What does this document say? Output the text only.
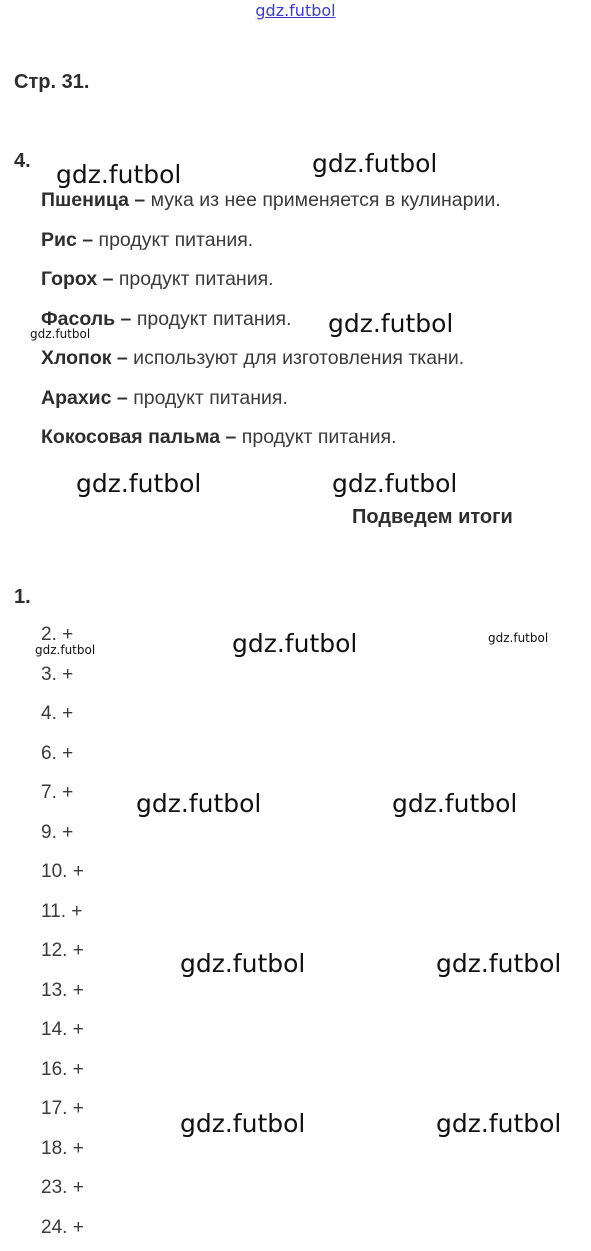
gdz.futbol
Стр. 31.
4.
Пшеница – мука из нее применяется в кулинарии.
Рис – продукт питания.
Горох – продукт питания.
Фасоль – продукт питания.
Хлопок – используют для изготовления ткани.
Арахис – продукт питания.
Кокосовая пальма – продукт питания.
Подведем итоги
1.
2. +
3. +
4. +
6. +
7. +
9. +
10. +
11. +
12. +
13. +
14. +
16. +
17. +
18. +
23. +
24. +
gdz.futbol	gdz.futbol
gdz.futbol	gdz.futbol
gdz.futbol	gdz.futbol
gdz.futbol	gdz.futbol	gdz.futbol
gdz.futbol	gdz.futbol
gdz.futbol	gdz.futbol
gdz.futbol	gdz.futbol
